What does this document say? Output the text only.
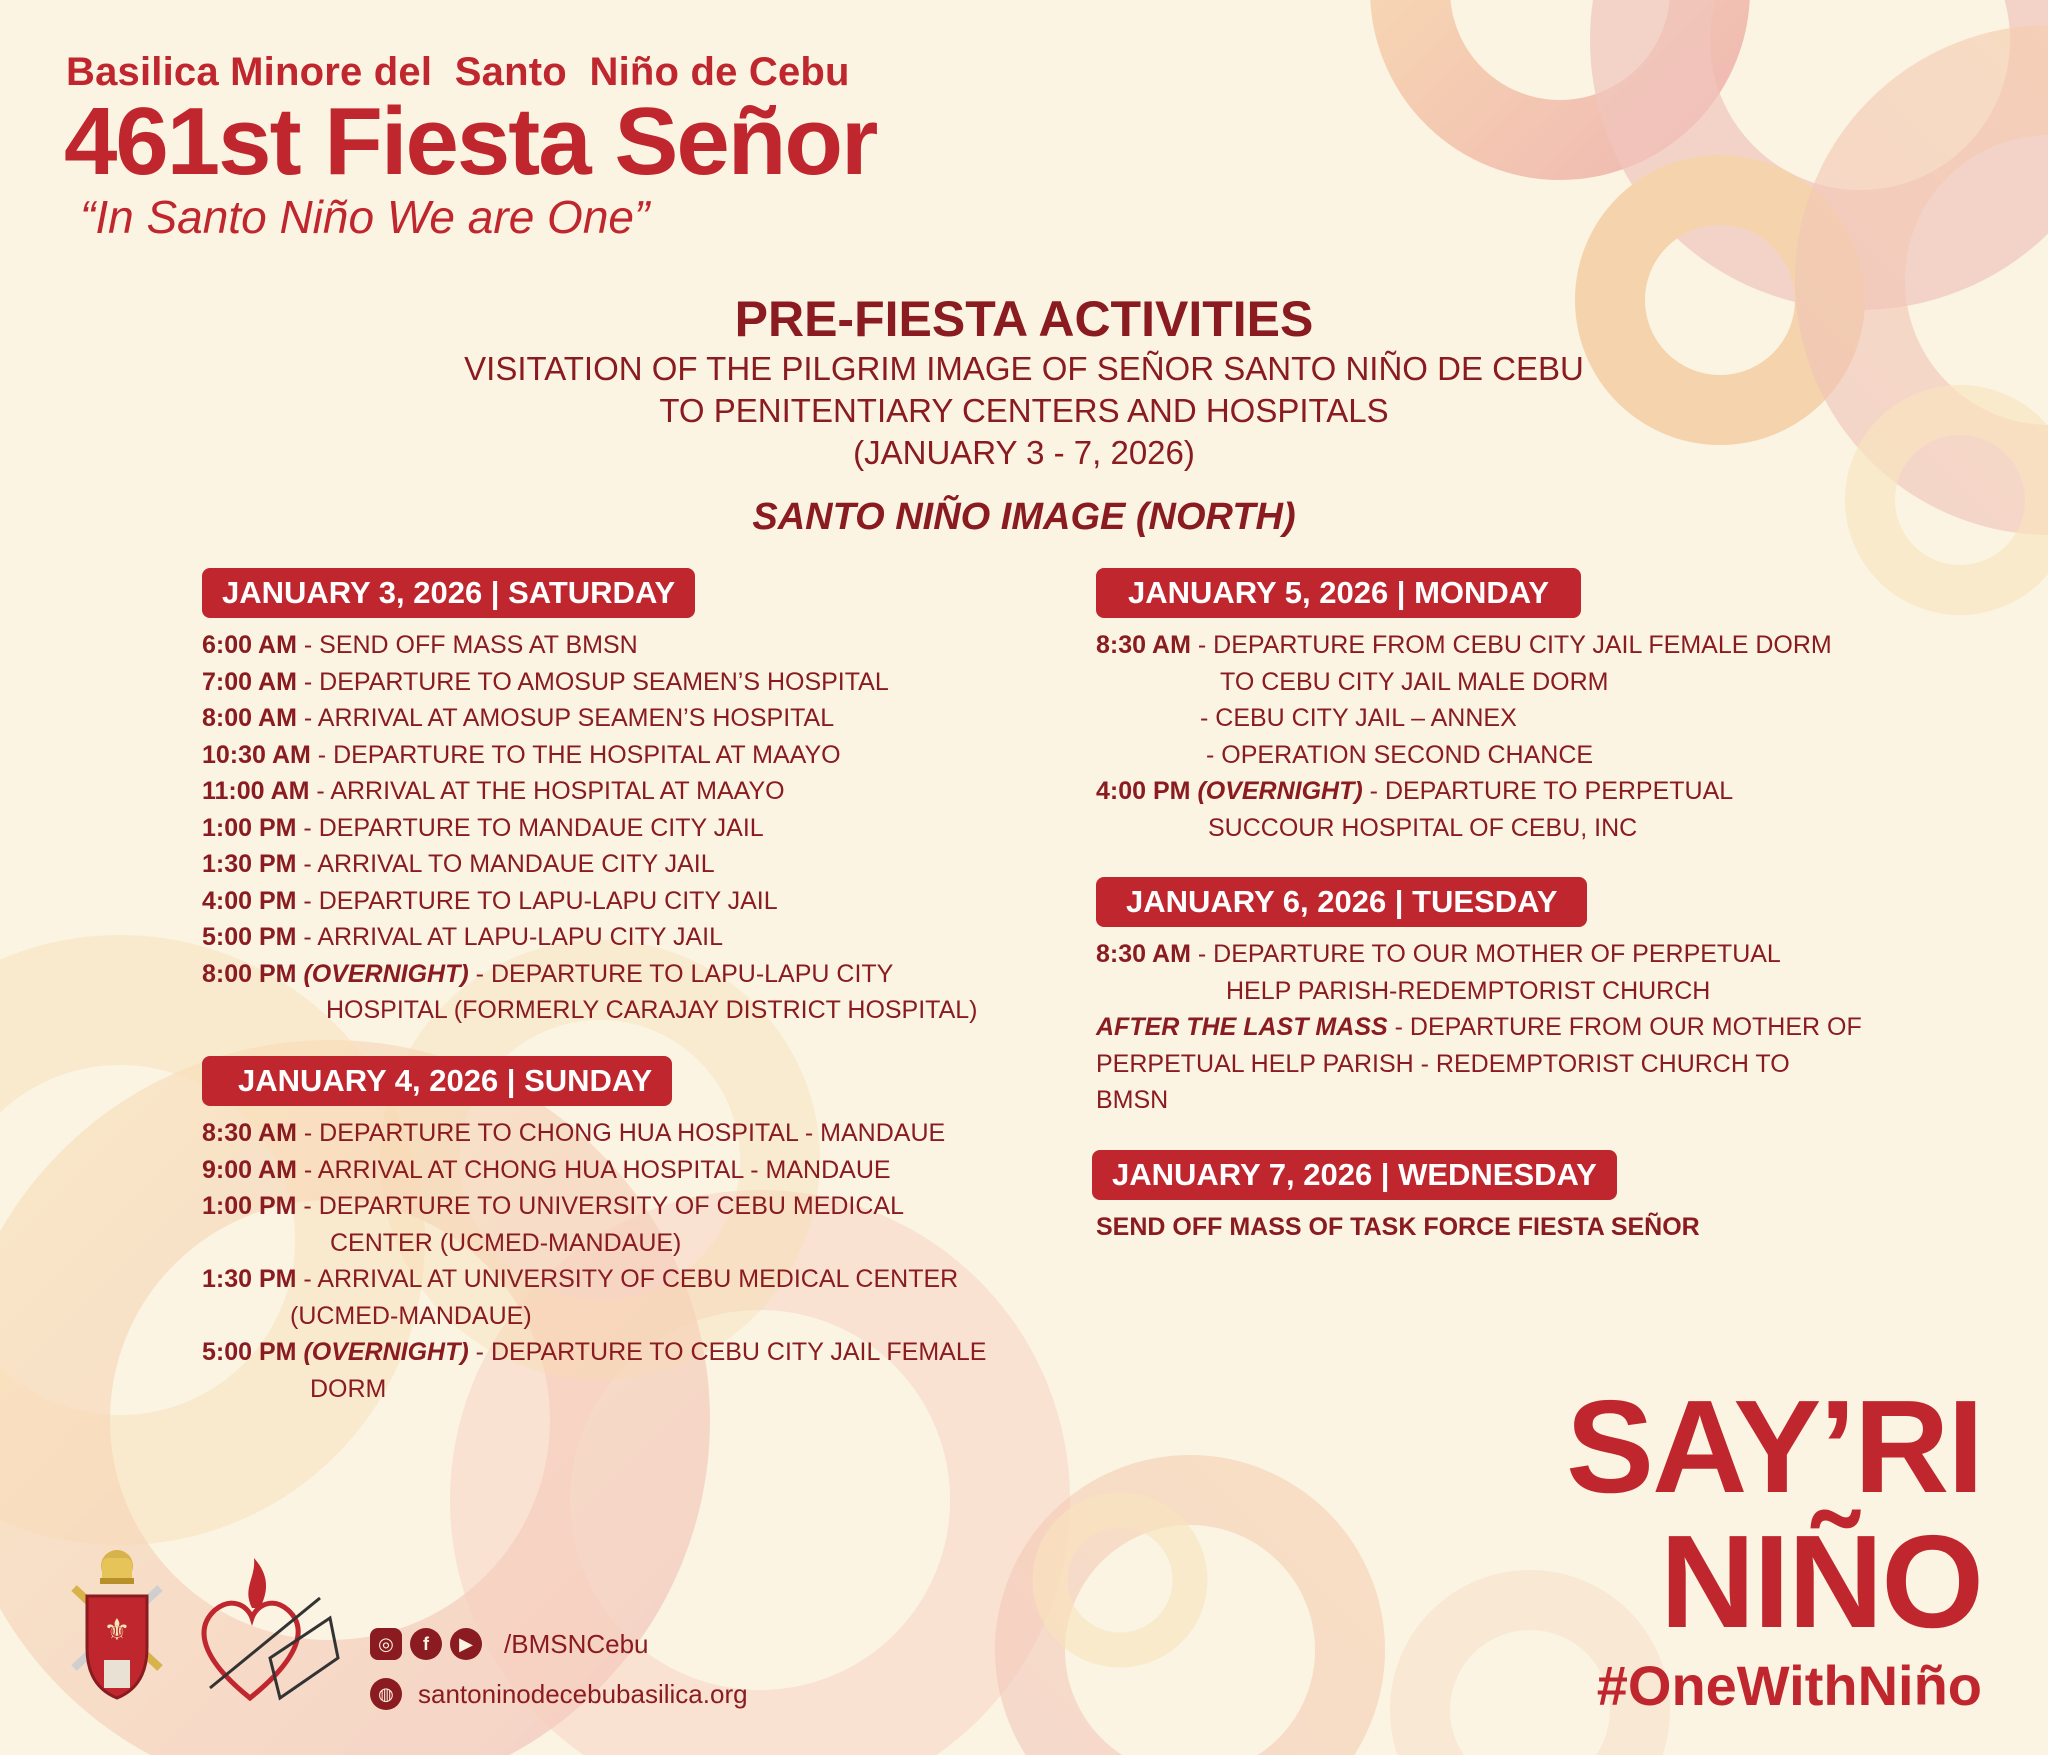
Basilica Minore del  Santo  Niño de Cebu
461st Fiesta Señor
“In Santo Niño We are One”
PRE-FIESTA ACTIVITIES
VISITATION OF THE PILGRIM IMAGE OF SEÑOR SANTO NIÑO DE CEBU
TO PENITENTIARY CENTERS AND HOSPITALS
(JANUARY 3 - 7, 2026)
SANTO NIÑO IMAGE (NORTH)
JANUARY 3, 2026 | SATURDAY
6:00 AM - SEND OFF MASS AT BMSN
7:00 AM - DEPARTURE TO AMOSUP SEAMEN’S HOSPITAL
8:00 AM - ARRIVAL AT AMOSUP SEAMEN’S HOSPITAL
10:30 AM - DEPARTURE TO THE HOSPITAL AT MAAYO
11:00 AM - ARRIVAL AT THE HOSPITAL AT MAAYO
1:00 PM - DEPARTURE TO MANDAUE CITY JAIL
1:30 PM - ARRIVAL TO MANDAUE CITY JAIL
4:00 PM - DEPARTURE TO LAPU-LAPU CITY JAIL
5:00 PM - ARRIVAL AT LAPU-LAPU CITY JAIL
8:00 PM (OVERNIGHT) - DEPARTURE TO LAPU-LAPU CITY
HOSPITAL (FORMERLY CARAJAY DISTRICT HOSPITAL)
JANUARY 4, 2026 | SUNDAY
8:30 AM - DEPARTURE TO CHONG HUA HOSPITAL - MANDAUE
9:00 AM - ARRIVAL AT CHONG HUA HOSPITAL - MANDAUE
1:00 PM - DEPARTURE TO UNIVERSITY OF CEBU MEDICAL
CENTER (UCMED-MANDAUE)
1:30 PM - ARRIVAL AT UNIVERSITY OF CEBU MEDICAL CENTER
(UCMED-MANDAUE)
5:00 PM (OVERNIGHT) - DEPARTURE TO CEBU CITY JAIL FEMALE
DORM
JANUARY 5, 2026 | MONDAY
8:30 AM - DEPARTURE FROM CEBU CITY JAIL FEMALE DORM
TO CEBU CITY JAIL MALE DORM
- CEBU CITY JAIL – ANNEX
- OPERATION SECOND CHANCE
4:00 PM (OVERNIGHT) - DEPARTURE TO PERPETUAL
SUCCOUR HOSPITAL OF CEBU, INC
JANUARY 6, 2026 | TUESDAY
8:30 AM - DEPARTURE TO OUR MOTHER OF PERPETUAL
HELP PARISH-REDEMPTORIST CHURCH
AFTER THE LAST MASS - DEPARTURE FROM OUR MOTHER OF
PERPETUAL HELP PARISH - REDEMPTORIST CHURCH TO
BMSN
JANUARY 7, 2026 | WEDNESDAY
SEND OFF MASS OF TASK FORCE FIESTA SEÑOR
SAY’RI
NIÑO
#OneWithNiño
⚜	◎	f	▶	/BMSNCebu
◍ santoninodecebubasilica.org
